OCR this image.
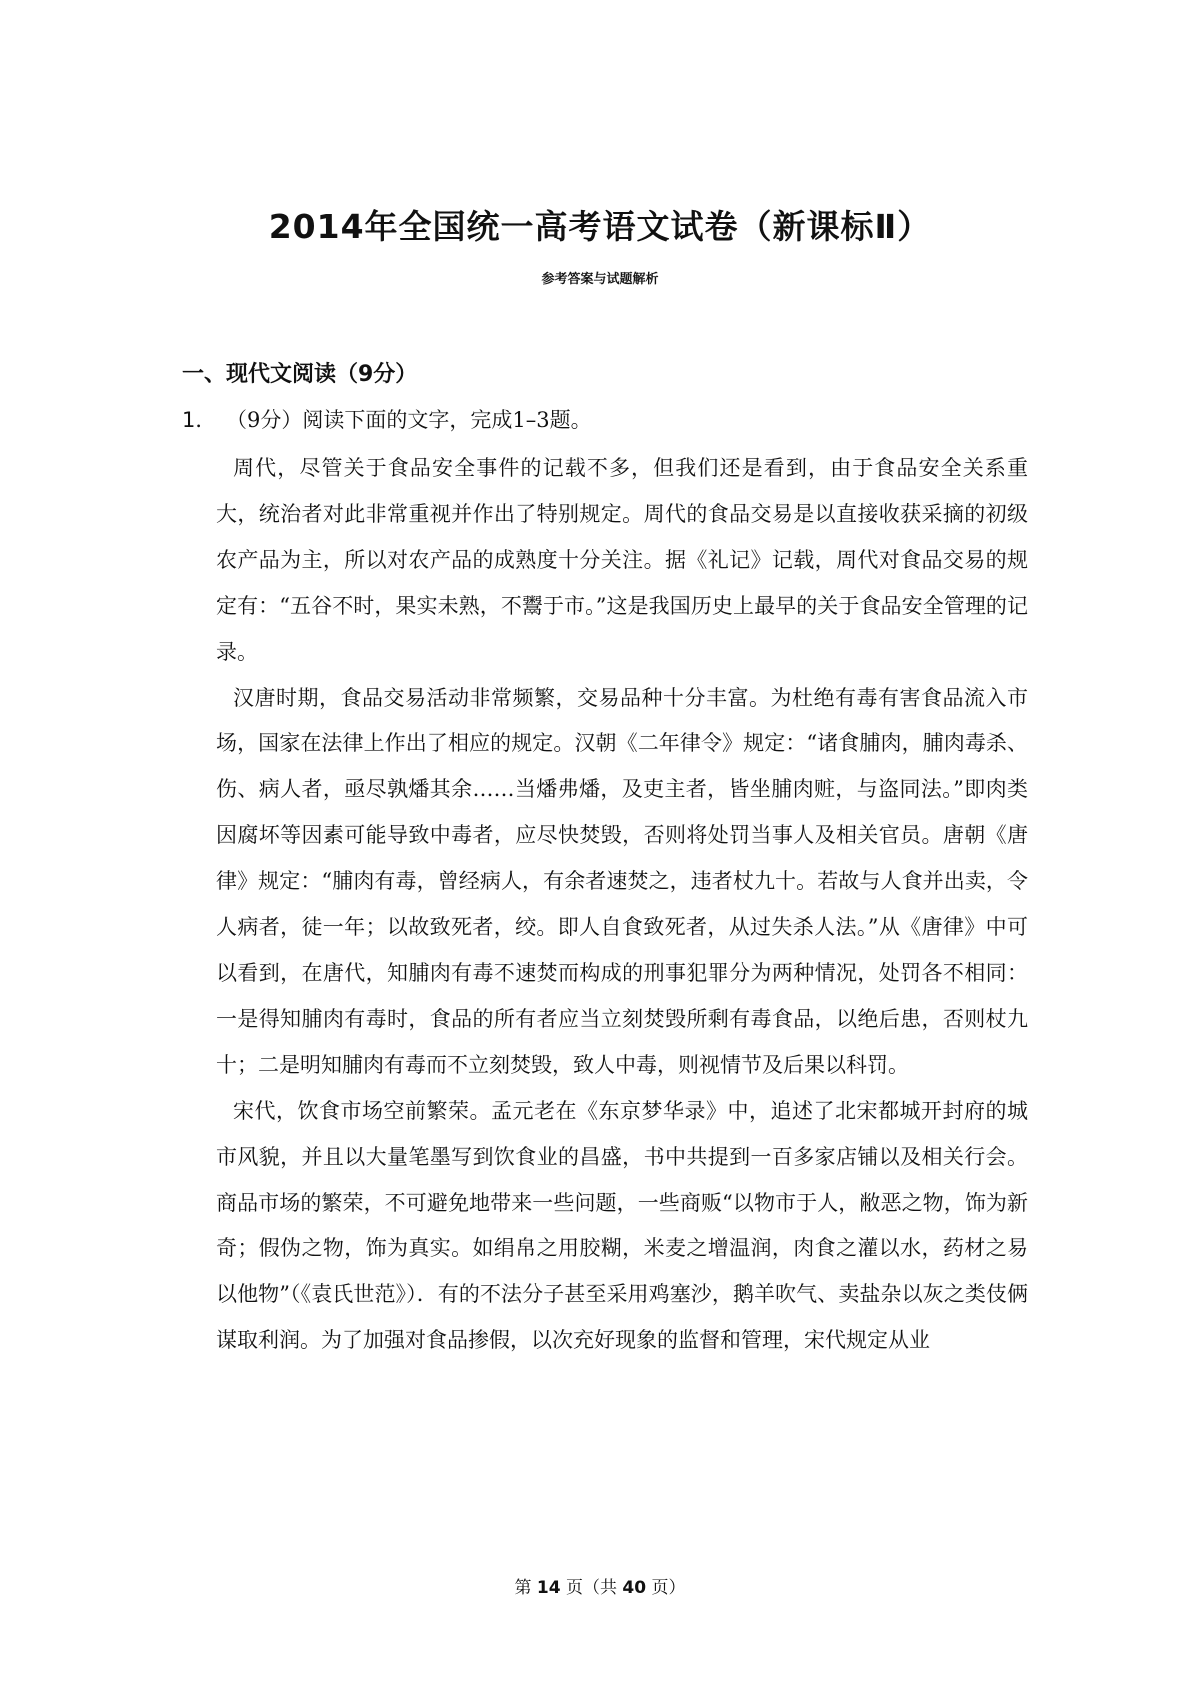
2014年全国统一高考语文试卷（新课标Ⅱ）
参考答案与试题解析
一、现代文阅读（9分）
1． （9分）阅读下面的文字，完成1–3题。

周代，尽管关于食品安全事件的记载不多，但我们还是看到，由于食品安全关系重大，统治者对此非常重视并作出了特别规定。周代的食品交易是以直接收获采摘的初级农产品为主，所以对农产品的成熟度十分关注。据《礼记》记载，周代对食品交易的规定有：“五谷不时，果实未熟，不鬻于市。”这是我国历史上最早的关于食品安全管理的记录。

汉唐时期，食品交易活动非常频繁，交易品种十分丰富。为杜绝有毒有害食品流入市场，国家在法律上作出了相应的规定。汉朝《二年律令》规定：“诸食脯肉，脯肉毒杀、伤、病人者，亟尽孰燔其余……当燔弗燔，及吏主者，皆坐脯肉赃，与盗同法。”即肉类因腐坏等因素可能导致中毒者，应尽快焚毁，否则将处罚当事人及相关官员。唐朝《唐律》规定：“脯肉有毒，曾经病人，有余者速焚之，违者杖九十。若故与人食并出卖，令人病者，徒一年；以故致死者，绞。即人自食致死者，从过失杀人法。”从《唐律》中可以看到，在唐代，知脯肉有毒不速焚而构成的刑事犯罪分为两种情况，处罚各不相同：一是得知脯肉有毒时，食品的所有者应当立刻焚毁所剩有毒食品，以绝后患，否则杖九十；二是明知脯肉有毒而不立刻焚毁，致人中毒，则视情节及后果以科罚。

宋代，饮食市场空前繁荣。孟元老在《东京梦华录》中，追述了北宋都城开封府的城市风貌，并且以大量笔墨写到饮食业的昌盛，书中共提到一百多家店铺以及相关行会。商品市场的繁荣，不可避免地带来一些问题，一些商贩“以物市于人，敝恶之物，饰为新奇；假伪之物，饰为真实。如绢帛之用胶糊，米麦之增温润，肉食之灌以水，药材之易以他物”（《袁氏世范》）．有的不法分子甚至采用鸡塞沙，鹅羊吹气、卖盐杂以灰之类伎俩谋取利润。为了加强对食品掺假，以次充好现象的监督和管理，宋代规定从业

第 14 页（共 40 页）
